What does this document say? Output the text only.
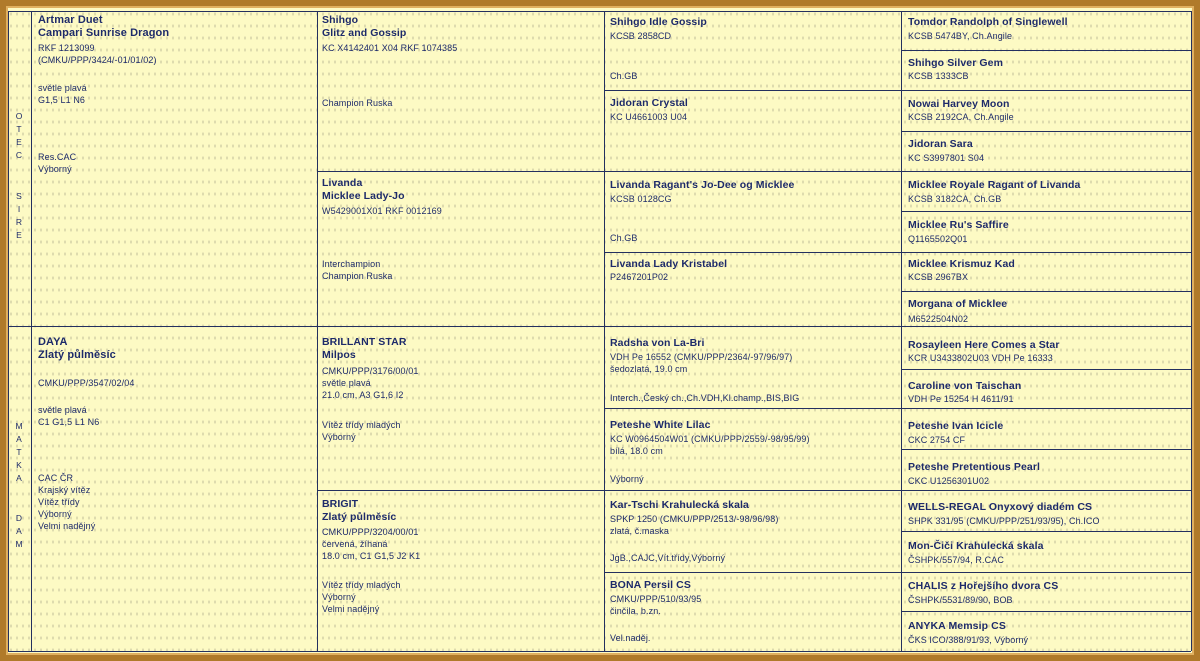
O
T
E
C
S
I
R
E
M
A
T
K
A
D
A
M
Artmar Duet
Campari Sunrise Dragon
RKF 1213099
(CMKU/PPP/3424/-01/01/02)
světle plavá
G1,5 L1 N6
Res.CAC
Výborný
DAYA
Zlatý půlměsíc
CMKU/PPP/3547/02/04
světle plavá
C1 G1,5 L1 N6
CAC ČR
Krajský vítěz
Vítěz třídy
Výborný
Velmi nadějný
Shihgo
Glitz and Gossip
KC X4142401 X04 RKF 1074385
Champion Ruska
Livanda
Micklee Lady-Jo
W5429001X01 RKF 0012169
Interchampion
Champion Ruska
BRILLANT STAR
Milpos
CMKU/PPP/3176/00/01
světle plavá
21.0 cm, A3 G1,6 I2
Vítěz třídy mladých
Výborný
BRIGIT
Zlatý půlměsíc
CMKU/PPP/3204/00/01
červená, žíhaná
18.0 cm, C1 G1,5 J2 K1
Vítěz třídy mladých
Výborný
Velmi nadějný
Shihgo Idle Gossip
KCSB 2858CD
Ch.GB
Jidoran Crystal
KC U4661003 U04
Livanda Ragant's Jo-Dee og Micklee
KCSB 0128CG
Ch.GB
Livanda Lady Kristabel
P2467201P02
Radsha von La-Bri
VDH Pe 16552 (CMKU/PPP/2364/-97/96/97)
šedozlatá, 19.0 cm
Interch.,Český ch.,Ch.VDH,Kl.champ.,BIS,BIG
Peteshe White Lilac
KC W0964504W01 (CMKU/PPP/2559/-98/95/99)
bílá, 18.0 cm
Výborný
Kar-Tschi Krahulecká skala
SPKP 1250 (CMKU/PPP/2513/-98/96/98)
zlatá, č.maska
JgB.,CAJC,Vít.třídy,Výborný
BONA Persil CS
CMKU/PPP/510/93/95
činčila, b.zn.
Vel.naděj.
Tomdor Randolph of Singlewell
KCSB 5474BY, Ch.Angile
Shihgo Silver Gem
KCSB 1333CB
Nowai Harvey Moon
KCSB 2192CA, Ch.Angile
Jidoran Sara
KC S3997801 S04
Micklee Royale Ragant of Livanda
KCSB 3182CA, Ch.GB
Micklee Ru's Saffire
Q1165502Q01
Micklee Krismuz Kad
KCSB 2967BX
Morgana of Micklee
M6522504N02
Rosayleen Here Comes a Star
KCR U3433802U03 VDH Pe 16333
Caroline von Taischan
VDH Pe 15254 H 4611/91
Peteshe Ivan Icicle
CKC 2754 CF
Peteshe Pretentious Pearl
CKC U1256301U02
WELLS-REGAL Onyxový diadém CS
SHPK 331/95 (CMKU/PPP/251/93/95), Ch.ICO
Mon-Čiči Krahulecká skala
ČSHPK/557/94, R.CAC
CHALIS z Hořejšího dvora CS
ČSHPK/5531/89/90, BOB
ANYKA Memsip CS
ČKS ICO/388/91/93, Výborný
